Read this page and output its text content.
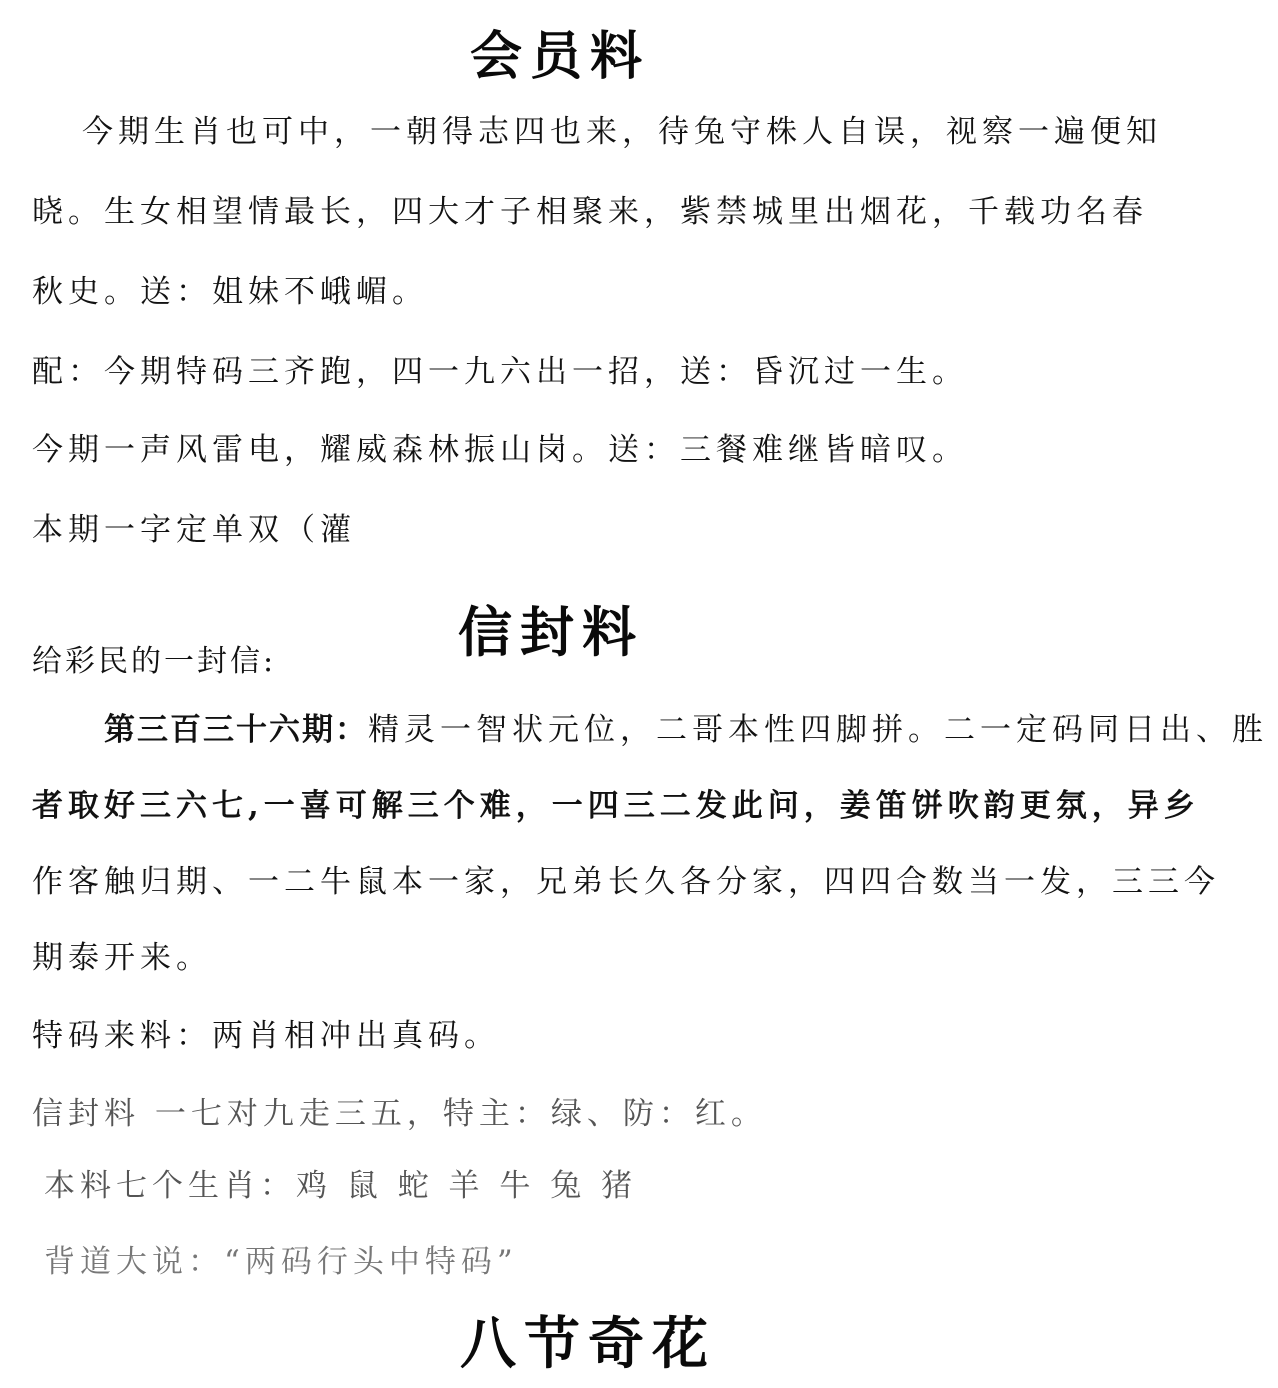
会员料
今期生肖也可中，一朝得志四也来，待兔守株人自误，视察一遍便知
晓。生女相望情最长，四大才子相聚来，紫禁城里出烟花，千载功名春
秋史。送：姐妹不峨嵋。
配：今期特码三齐跑，四一九六出一招，送：昏沉过一生。
今期一声风雷电，耀威森林振山岗。送：三餐难继皆暗叹。
本期一字定单双（灌
给彩民的一封信:	信封料
第三百三十六期：精灵一智状元位，二哥本性四脚拼。二一定码同日出、胜
者取好三六七,一喜可解三个难，一四三二发此问，姜笛饼吹韵更氛，异乡
作客触归期、一二牛鼠本一家，兄弟长久各分家，四四合数当一发，三三今
期泰开来。
特码来料：两肖相冲出真码。
信封料 一七对九走三五，特主：绿、防：红。
本料七个生肖：鸡 鼠 蛇 羊 牛 兔 猪
背道大说：“两码行头中特码”
八节奇花
